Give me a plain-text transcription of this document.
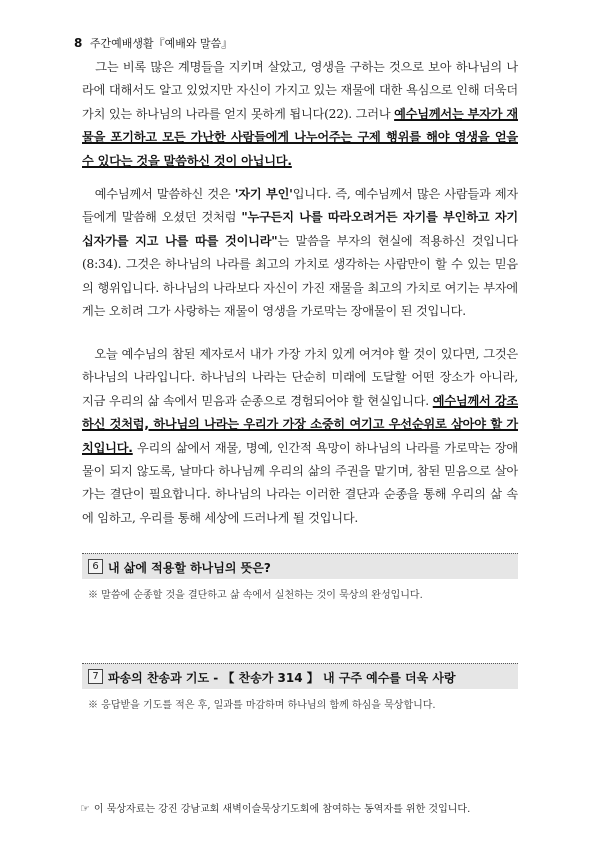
8 주간예배생활『예배와 말씀』
그는 비록 많은 계명들을 지키며 살았고, 영생을 구하는 것으로 보아 하나님의 나라에 대해서도 알고 있었지만 자신이 가지고 있는 재물에 대한 욕심으로 인해 더욱더 가치 있는 하나님의 나라를 얻지 못하게 됩니다(22). 그러나 예수님께서는 부자가 재물을 포기하고 모든 가난한 사람들에게 나누어주는 구제 행위를 해야 영생을 얻을 수 있다는 것을 말씀하신 것이 아닙니다.
예수님께서 말씀하신 것은 '자기 부인'입니다. 즉, 예수님께서 많은 사람들과 제자들에게 말씀해 오셨던 것처럼 "누구든지 나를 따라오려거든 자기를 부인하고 자기 십자가를 지고 나를 따를 것이니라"는 말씀을 부자의 현실에 적용하신 것입니다(8:34). 그것은 하나님의 나라를 최고의 가치로 생각하는 사람만이 할 수 있는 믿음의 행위입니다. 하나님의 나라보다 자신이 가진 재물을 최고의 가치로 여기는 부자에게는 오히려 그가 사랑하는 재물이 영생을 가로막는 장애물이 된 것입니다.
오늘 예수님의 참된 제자로서 내가 가장 가치 있게 여겨야 할 것이 있다면, 그것은 하나님의 나라입니다. 하나님의 나라는 단순히 미래에 도달할 어떤 장소가 아니라, 지금 우리의 삶 속에서 믿음과 순종으로 경험되어야 할 현실입니다. 예수님께서 강조하신 것처럼, 하나님의 나라는 우리가 가장 소중히 여기고 우선순위로 삼아야 할 가치입니다. 우리의 삶에서 재물, 명예, 인간적 욕망이 하나님의 나라를 가로막는 장애물이 되지 않도록, 날마다 하나님께 우리의 삶의 주권을 맡기며, 참된 믿음으로 살아가는 결단이 필요합니다. 하나님의 나라는 이러한 결단과 순종을 통해 우리의 삶 속에 임하고, 우리를 통해 세상에 드러나게 될 것입니다.
6 내 삶에 적용할 하나님의 뜻은?
※ 말씀에 순종할 것을 결단하고 삶 속에서 실천하는 것이 묵상의 완성입니다.
7 파송의 찬송과 기도 - 【 찬송가 314 】 내 구주 예수를 더욱 사랑
※ 응답받을 기도를 적은 후, 일과를 마감하며 하나님의 함께 하심을 묵상합니다.
☞ 이 묵상자료는 강진 강남교회 새벽이슬묵상기도회에 참여하는 동역자를 위한 것입니다.
